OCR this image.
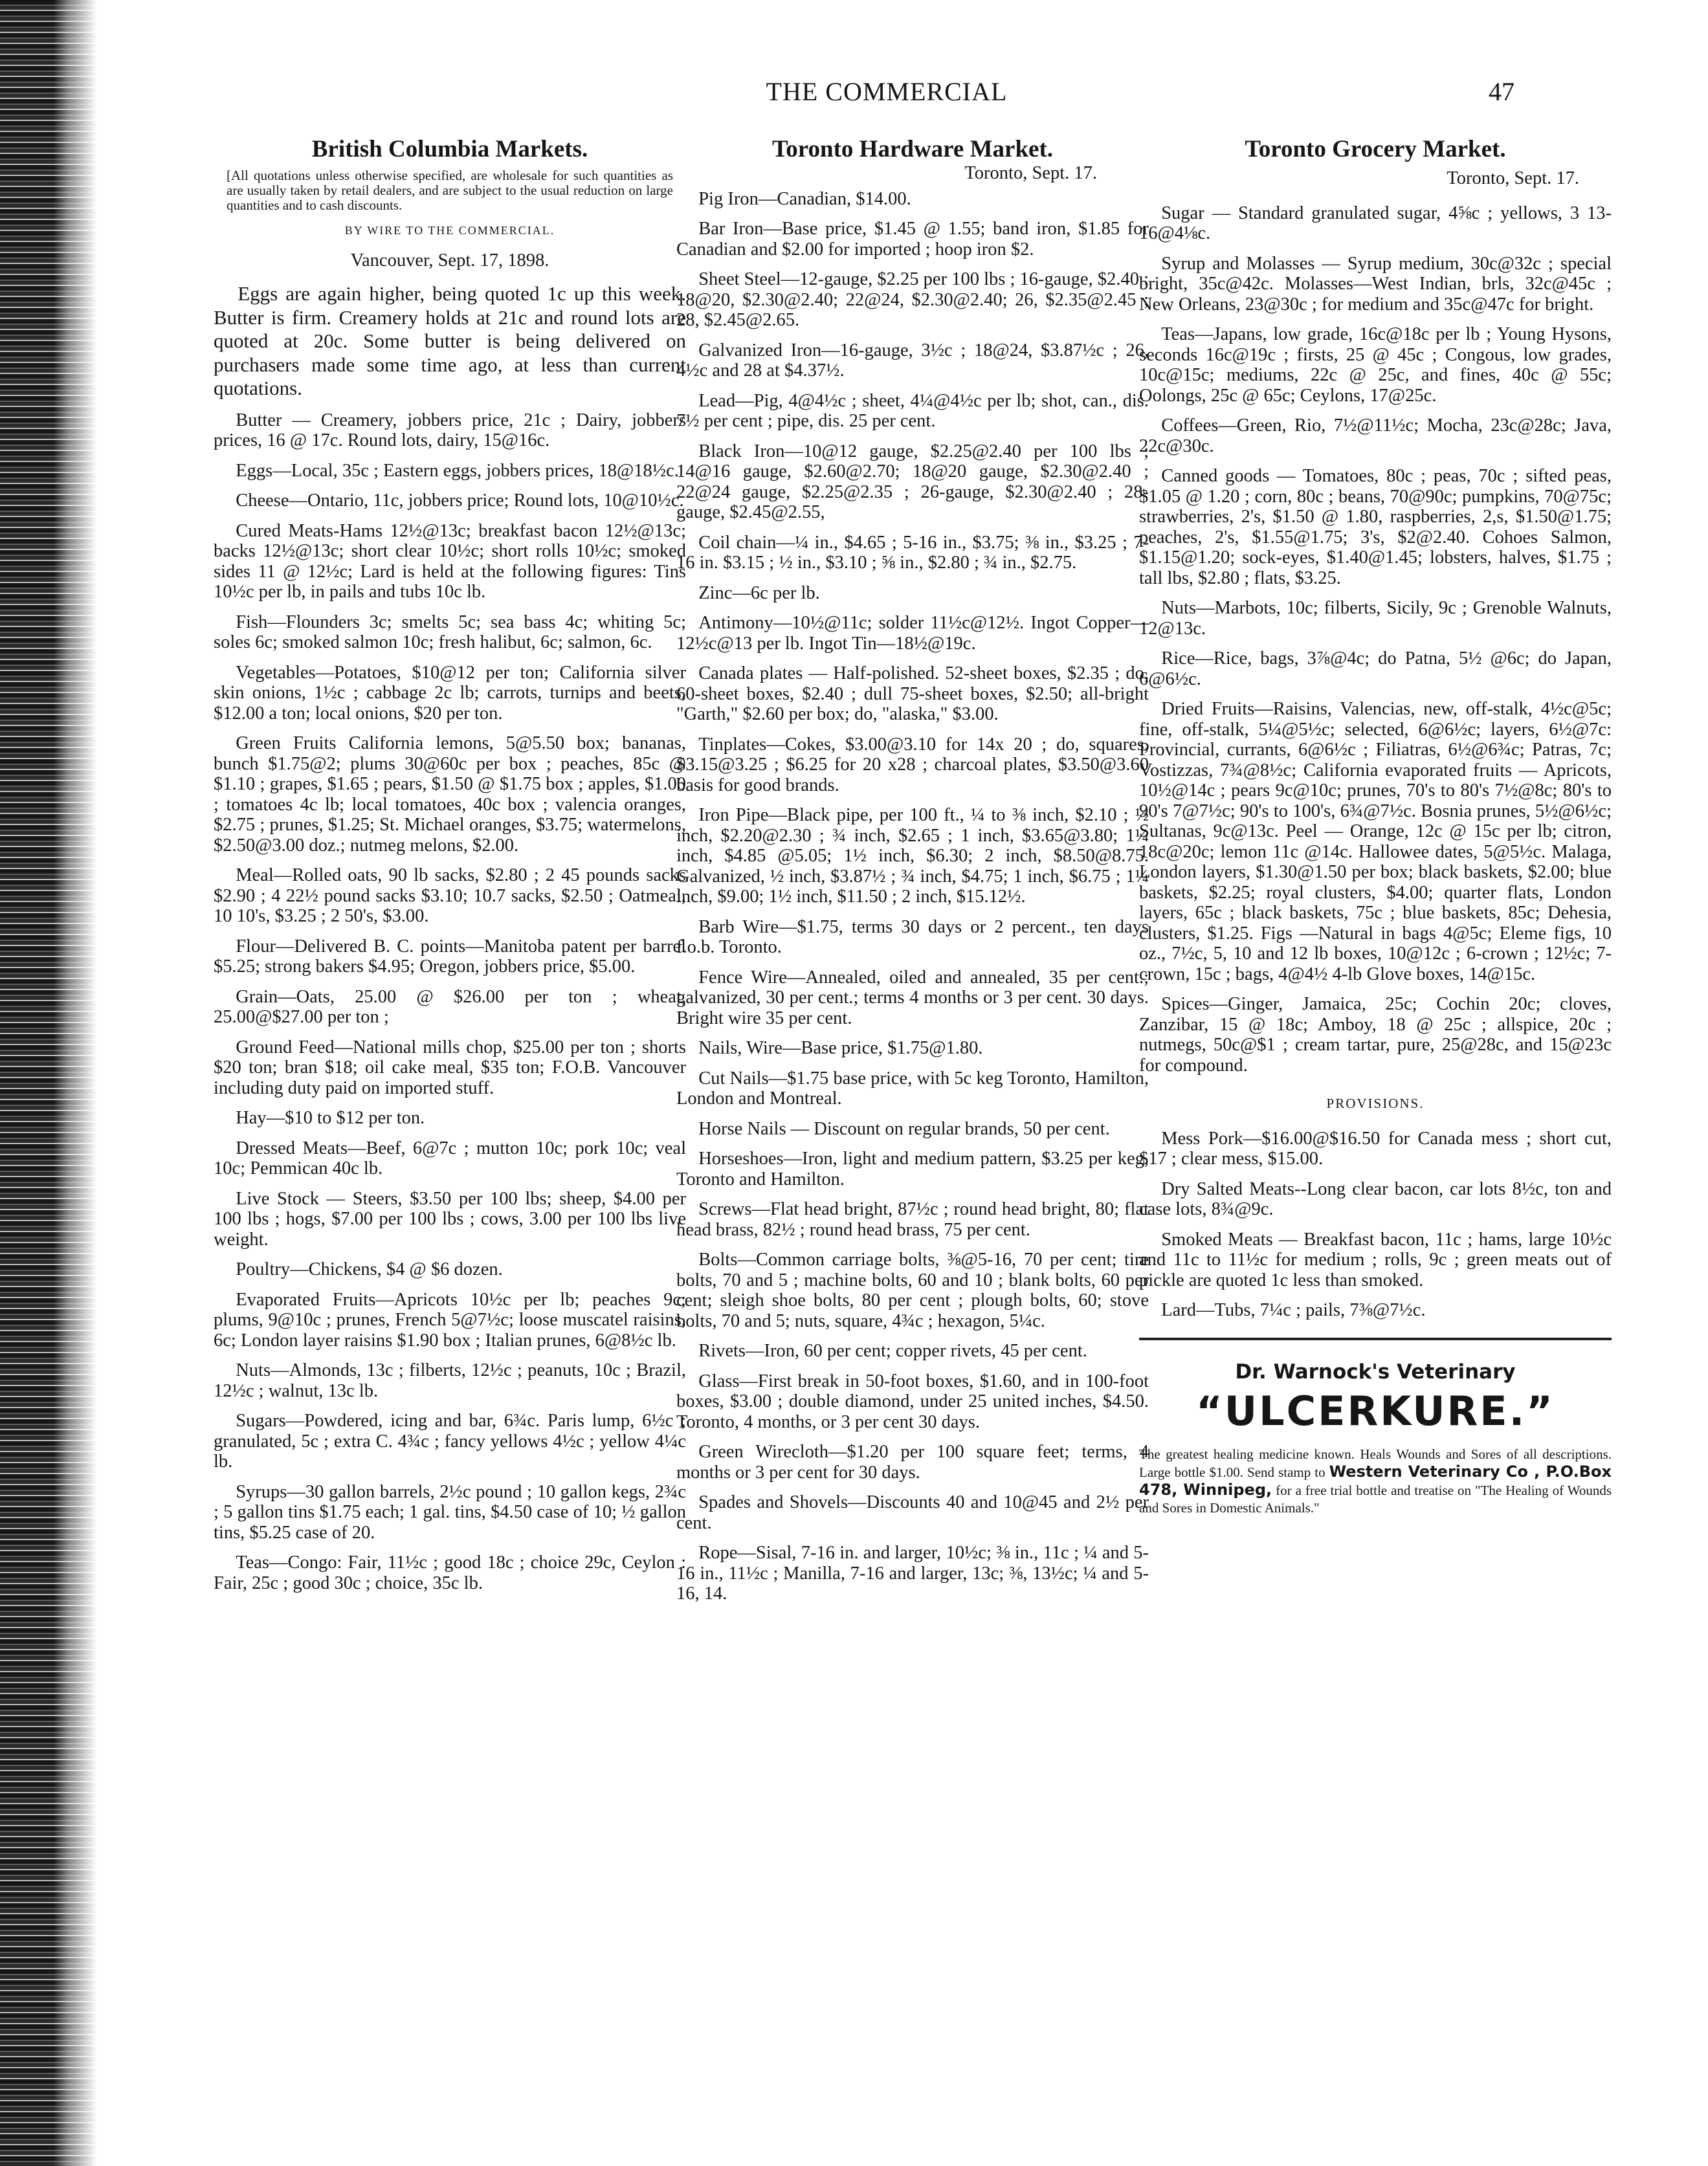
THE COMMERCIAL	47
British Columbia Markets.
[All quotations unless otherwise specified, are wholesale for such quantities as are usually taken by retail dealers, and are subject to the usual reduction on large quantities and to cash discounts.
BY WIRE TO THE COMMERCIAL.
Vancouver, Sept. 17, 1898.

Eggs are again higher, being quoted 1c up this week. Butter is firm. Creamery holds at 21c and round lots are quoted at 20c. Some butter is being delivered on purchasers made some time ago, at less than current quotations.

Butter — Creamery, jobbers price, 21c ; Dairy, jobbers prices, 16 @ 17c. Round lots, dairy, 15@16c.

Eggs—Local, 35c ; Eastern eggs, jobbers prices, 18@18½c.

Cheese—Ontario, 11c, jobbers price; Round lots, 10@10½c.

Cured Meats-Hams 12½@13c; breakfast bacon 12½@13c; backs 12½@13c; short clear 10½c; short rolls 10½c; smoked sides 11 @ 12½c; Lard is held at the following figures: Tins 10½c per lb, in pails and tubs 10c lb.

Fish—Flounders 3c; smelts 5c; sea bass 4c; whiting 5c; soles 6c; smoked salmon 10c; fresh halibut, 6c; salmon, 6c.

Vegetables—Potatoes, $10@12 per ton; California silver skin onions, 1½c ; cabbage 2c lb; carrots, turnips and beets, $12.00 a ton; local onions, $20 per ton.

Green Fruits California lemons, 5@5.50 box; bananas, bunch $1.75@2; plums 30@60c per box ; peaches, 85c @ $1.10 ; grapes, $1.65 ; pears, $1.50 @ $1.75 box ; apples, $1.00 ; tomatoes 4c lb; local tomatoes, 40c box ; valencia oranges, $2.75 ; prunes, $1.25; St. Michael oranges, $3.75; watermelons, $2.50@3.00 doz.; nutmeg melons, $2.00.

Meal—Rolled oats, 90 lb sacks, $2.80 ; 2 45 pounds sacks $2.90 ; 4 22½ pound sacks $3.10; 10.7 sacks, $2.50 ; Oatmeal, 10 10's, $3.25 ; 2 50's, $3.00.

Flour—Delivered B. C. points—Manitoba patent per barrel $5.25; strong bakers $4.95; Oregon, jobbers price, $5.00.

Grain—Oats, 25.00 @ $26.00 per ton ; wheat, 25.00@$27.00 per ton ;

Ground Feed—National mills chop, $25.00 per ton ; shorts $20 ton; bran $18; oil cake meal, $35 ton; F.O.B. Vancouver including duty paid on imported stuff.

Hay—$10 to $12 per ton.

Dressed Meats—Beef, 6@7c ; mutton 10c; pork 10c; veal 10c; Pemmican 40c lb.

Live Stock — Steers, $3.50 per 100 lbs; sheep, $4.00 per 100 lbs ; hogs, $7.00 per 100 lbs ; cows, 3.00 per 100 lbs live weight.

Poultry—Chickens, $4 @ $6 dozen.

Evaporated Fruits—Apricots 10½c per lb; peaches 9c; plums, 9@10c ; prunes, French 5@7½c; loose muscatel raisins, 6c; London layer raisins $1.90 box ; Italian prunes, 6@8½c lb.

Nuts—Almonds, 13c ; filberts, 12½c ; peanuts, 10c ; Brazil, 12½c ; walnut, 13c lb.

Sugars—Powdered, icing and bar, 6¾c. Paris lump, 6½c ; granulated, 5c ; extra C. 4¾c ; fancy yellows 4½c ; yellow 4¼c lb.

Syrups—30 gallon barrels, 2½c pound ; 10 gallon kegs, 2¾c ; 5 gallon tins $1.75 each; 1 gal. tins, $4.50 case of 10; ½ gallon tins, $5.25 case of 20.

Teas—Congo: Fair, 11½c ; good 18c ; choice 29c, Ceylon : Fair, 25c ; good 30c ; choice, 35c lb.

Toronto Hardware Market.
Toronto, Sept. 17.

Pig Iron—Canadian, $14.00.

Bar Iron—Base price, $1.45 @ 1.55; band iron, $1.85 for Canadian and $2.00 for imported ; hoop iron $2.

Sheet Steel—12-gauge, $2.25 per 100 lbs ; 16-gauge, $2.40 : 18@20, $2.30@2.40; 22@24, $2.30@2.40; 26, $2.35@2.45 ; 28, $2.45@2.65.

Galvanized Iron—16-gauge, 3½c ; 18@24, $3.87½c ; 26, 4½c and 28 at $4.37½.

Lead—Pig, 4@4½c ; sheet, 4¼@4½c per lb; shot, can., dis. 7½ per cent ; pipe, dis. 25 per cent.

Black Iron—10@12 gauge, $2.25@2.40 per 100 lbs ; 14@16 gauge, $2.60@2.70; 18@20 gauge, $2.30@2.40 ; 22@24 gauge, $2.25@2.35 ; 26-gauge, $2.30@2.40 ; 28-gauge, $2.45@2.55,

Coil chain—¼ in., $4.65 ; 5-16 in., $3.75; ⅜ in., $3.25 ; 7-16 in. $3.15 ; ½ in., $3.10 ; ⅝ in., $2.80 ; ¾ in., $2.75.

Zinc—6c per lb.

Antimony—10½@11c; solder 11½c@12½. Ingot Copper—12½c@13 per lb. Ingot Tin—18½@19c.

Canada plates — Half-polished. 52-sheet boxes, $2.35 ; do, 60-sheet boxes, $2.40 ; dull 75-sheet boxes, $2.50; all-bright "Garth," $2.60 per box; do, "alaska," $3.00.

Tinplates—Cokes, $3.00@3.10 for 14x 20 ; do, squares, $3.15@3.25 ; $6.25 for 20 x28 ; charcoal plates, $3.50@3.60 basis for good brands.

Iron Pipe—Black pipe, per 100 ft., ¼ to ⅜ inch, $2.10 ; ½ inch, $2.20@2.30 ; ¾ inch, $2.65 ; 1 inch, $3.65@3.80; 1¼ inch, $4.85 @5.05; 1½ inch, $6.30; 2 inch, $8.50@8.75. Galvanized, ½ inch, $3.87½ ; ¾ inch, $4.75; 1 inch, $6.75 ; 1¼ inch, $9.00; 1½ inch, $11.50 ; 2 inch, $15.12½.

Barb Wire—$1.75, terms 30 days or 2 percent., ten days f.o.b. Toronto.

Fence Wire—Annealed, oiled and annealed, 35 per cent.; galvanized, 30 per cent.; terms 4 months or 3 per cent. 30 days. Bright wire 35 per cent.

Nails, Wire—Base price, $1.75@1.80.

Cut Nails—$1.75 base price, with 5c keg Toronto, Hamilton, London and Montreal.

Horse Nails — Discount on regular brands, 50 per cent.

Horseshoes—Iron, light and medium pattern, $3.25 per keg, Toronto and Hamilton.

Screws—Flat head bright, 87½c ; round head bright, 80; flat head brass, 82½ ; round head brass, 75 per cent.

Bolts—Common carriage bolts, ⅜@5-16, 70 per cent; tire bolts, 70 and 5 ; machine bolts, 60 and 10 ; blank bolts, 60 per cent; sleigh shoe bolts, 80 per cent ; plough bolts, 60; stove bolts, 70 and 5; nuts, square, 4¾c ; hexagon, 5¼c.

Rivets—Iron, 60 per cent; copper rivets, 45 per cent.

Glass—First break in 50-foot boxes, $1.60, and in 100-foot boxes, $3.00 ; double diamond, under 25 united inches, $4.50. Toronto, 4 months, or 3 per cent 30 days.

Green Wirecloth—$1.20 per 100 square feet; terms, 4 months or 3 per cent for 30 days.

Spades and Shovels—Discounts 40 and 10@45 and 2½ per cent.

Rope—Sisal, 7-16 in. and larger, 10½c; ⅜ in., 11c ; ¼ and 5-16 in., 11½c ; Manilla, 7-16 and larger, 13c; ⅜, 13½c; ¼ and 5-16, 14.

Toronto Grocery Market.
Toronto, Sept. 17.

Sugar — Standard granulated sugar, 4⅝c ; yellows, 3 13-16@4⅛c.

Syrup and Molasses — Syrup medium, 30c@32c ; special bright, 35c@42c. Molasses—West Indian, brls, 32c@45c ; New Orleans, 23@30c ; for medium and 35c@47c for bright.

Teas—Japans, low grade, 16c@18c per lb ; Young Hysons, seconds 16c@19c ; firsts, 25 @ 45c ; Congous, low grades, 10c@15c; mediums, 22c @ 25c, and fines, 40c @ 55c; Oolongs, 25c @ 65c; Ceylons, 17@25c.

Coffees—Green, Rio, 7½@11½c; Mocha, 23c@28c; Java, 22c@30c.

Canned goods — Tomatoes, 80c ; peas, 70c ; sifted peas, $1.05 @ 1.20 ; corn, 80c ; beans, 70@90c; pumpkins, 70@75c; strawberries, 2's, $1.50 @ 1.80, raspberries, 2,s, $1.50@1.75; peaches, 2's, $1.55@1.75; 3's, $2@2.40. Cohoes Salmon, $1.15@1.20; sock-eyes, $1.40@1.45; lobsters, halves, $1.75 ; tall lbs, $2.80 ; flats, $3.25.

Nuts—Marbots, 10c; filberts, Sicily, 9c ; Grenoble Walnuts, 12@13c.

Rice—Rice, bags, 3⅞@4c; do Patna, 5½ @6c; do Japan, 6@6½c.

Dried Fruits—Raisins, Valencias, new, off-stalk, 4½c@5c; fine, off-stalk, 5¼@5½c; selected, 6@6½c; layers, 6½@7c: Provincial, currants, 6@6½c ; Filiatras, 6½@6¾c; Patras, 7c; Vostizzas, 7¾@8½c; California evaporated fruits — Apricots, 10½@14c ; pears 9c@10c; prunes, 70's to 80's 7½@8c; 80's to 90's 7@7½c; 90's to 100's, 6¾@7½c. Bosnia prunes, 5½@6½c; Sultanas, 9c@13c. Peel — Orange, 12c @ 15c per lb; citron, 18c@20c; lemon 11c @14c. Hallowee dates, 5@5½c. Malaga, London layers, $1.30@1.50 per box; black baskets, $2.00; blue baskets, $2.25; royal clusters, $4.00; quarter flats, London layers, 65c ; black baskets, 75c ; blue baskets, 85c; Dehesia, clusters, $1.25. Figs —Natural in bags 4@5c; Eleme figs, 10 oz., 7½c, 5, 10 and 12 lb boxes, 10@12c ; 6-crown ; 12½c; 7-crown, 15c ; bags, 4@4½ 4-lb Glove boxes, 14@15c.

Spices—Ginger, Jamaica, 25c; Cochin 20c; cloves, Zanzibar, 15 @ 18c; Amboy, 18 @ 25c ; allspice, 20c ; nutmegs, 50c@$1 ; cream tartar, pure, 25@28c, and 15@23c for compound.

PROVISIONS.

Mess Pork—$16.00@$16.50 for Canada mess ; short cut, $17 ; clear mess, $15.00.

Dry Salted Meats--Long clear bacon, car lots 8½c, ton and case lots, 8¾@9c.

Smoked Meats — Breakfast bacon, 11c ; hams, large 10½c and 11c to 11½c for medium ; rolls, 9c ; green meats out of pickle are quoted 1c less than smoked.

Lard—Tubs, 7¼c ; pails, 7⅜@7½c.

Dr. Warnock's Veterinary
“ULCERKURE.”
The greatest healing medicine known. Heals Wounds and Sores of all descriptions. Large bottle $1.00. Send stamp to Western Veterinary Co , P.O.Box 478, Winnipeg, for a free trial bottle and treatise on "The Healing of Wounds and Sores in Domestic Animals."
